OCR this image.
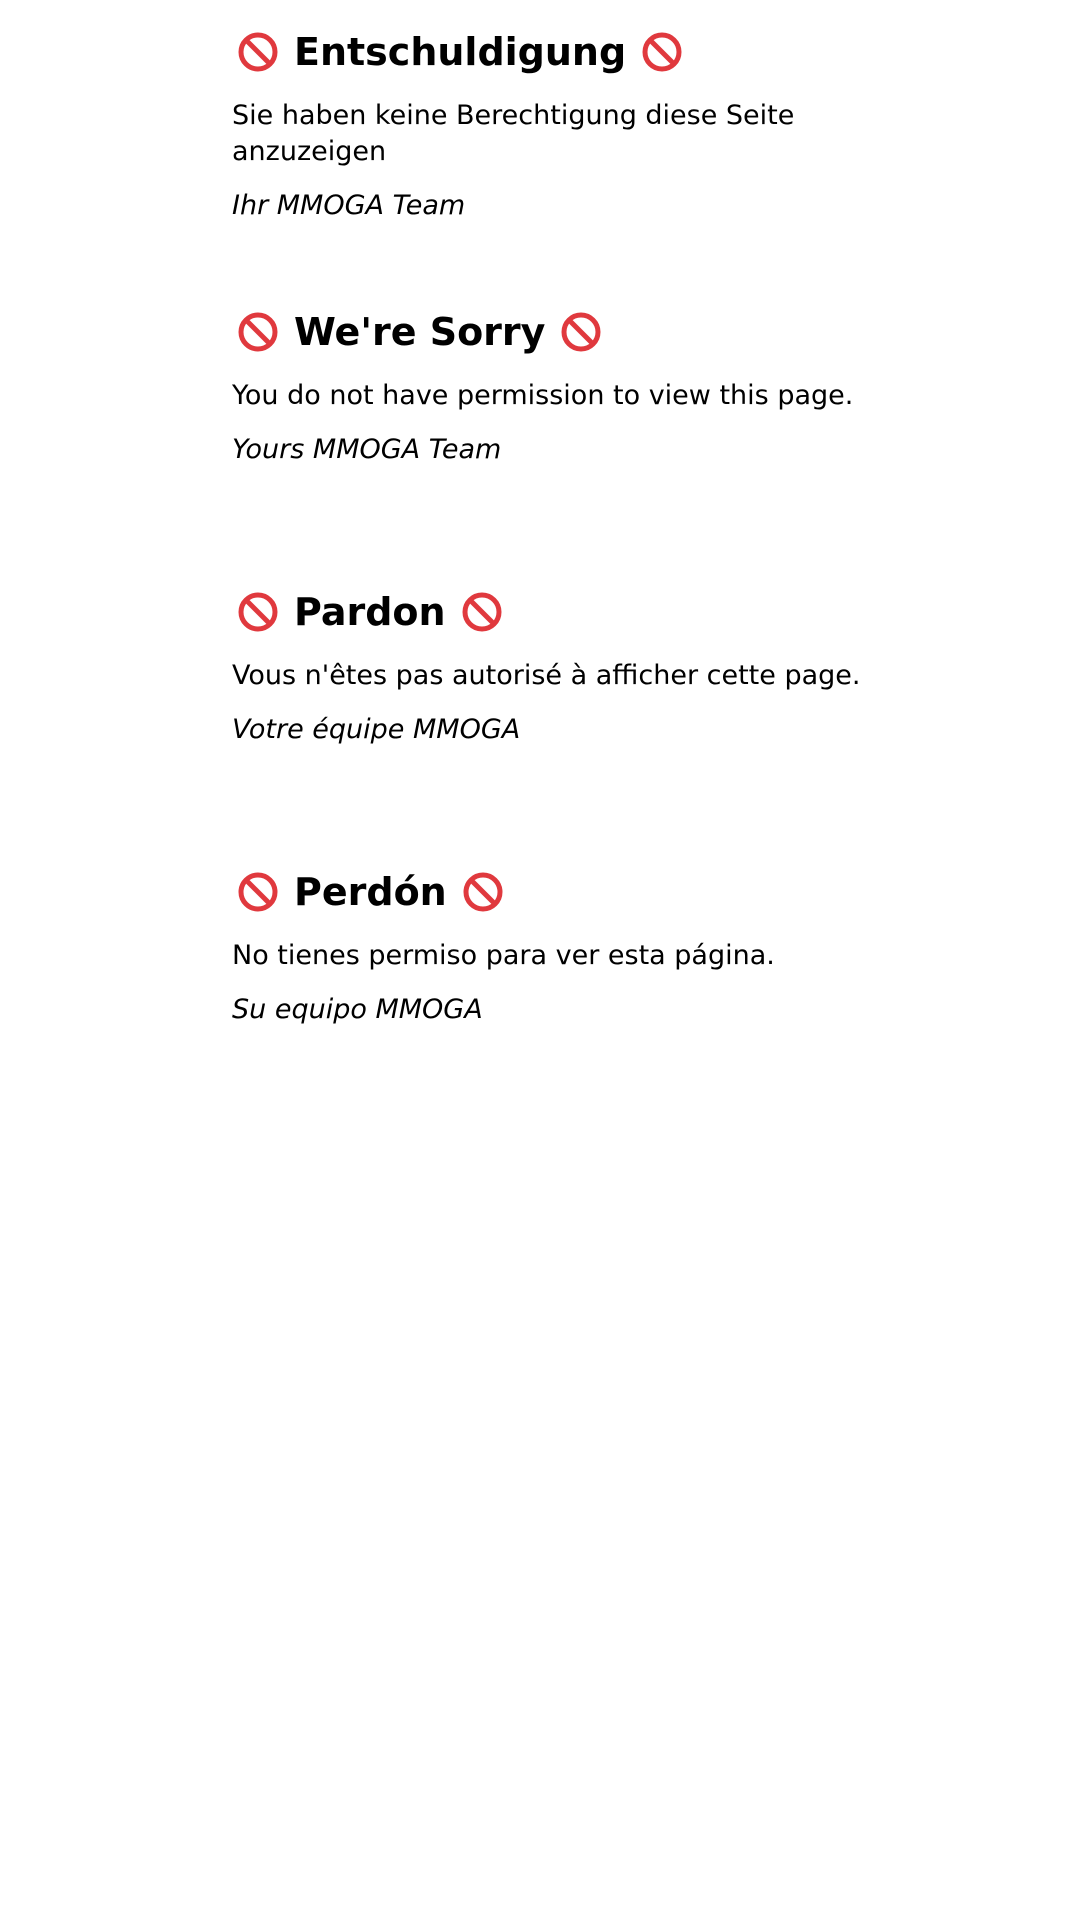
Entschuldigung

Sie haben keine Berechtigung diese Seite anzuzeigen

Ihr MMOGA Team

We're Sorry

You do not have permission to view this page.

Yours MMOGA Team

Pardon

Vous n'êtes pas autorisé à afficher cette page.

Votre équipe MMOGA

Perdón

No tienes permiso para ver esta página.

Su equipo MMOGA
